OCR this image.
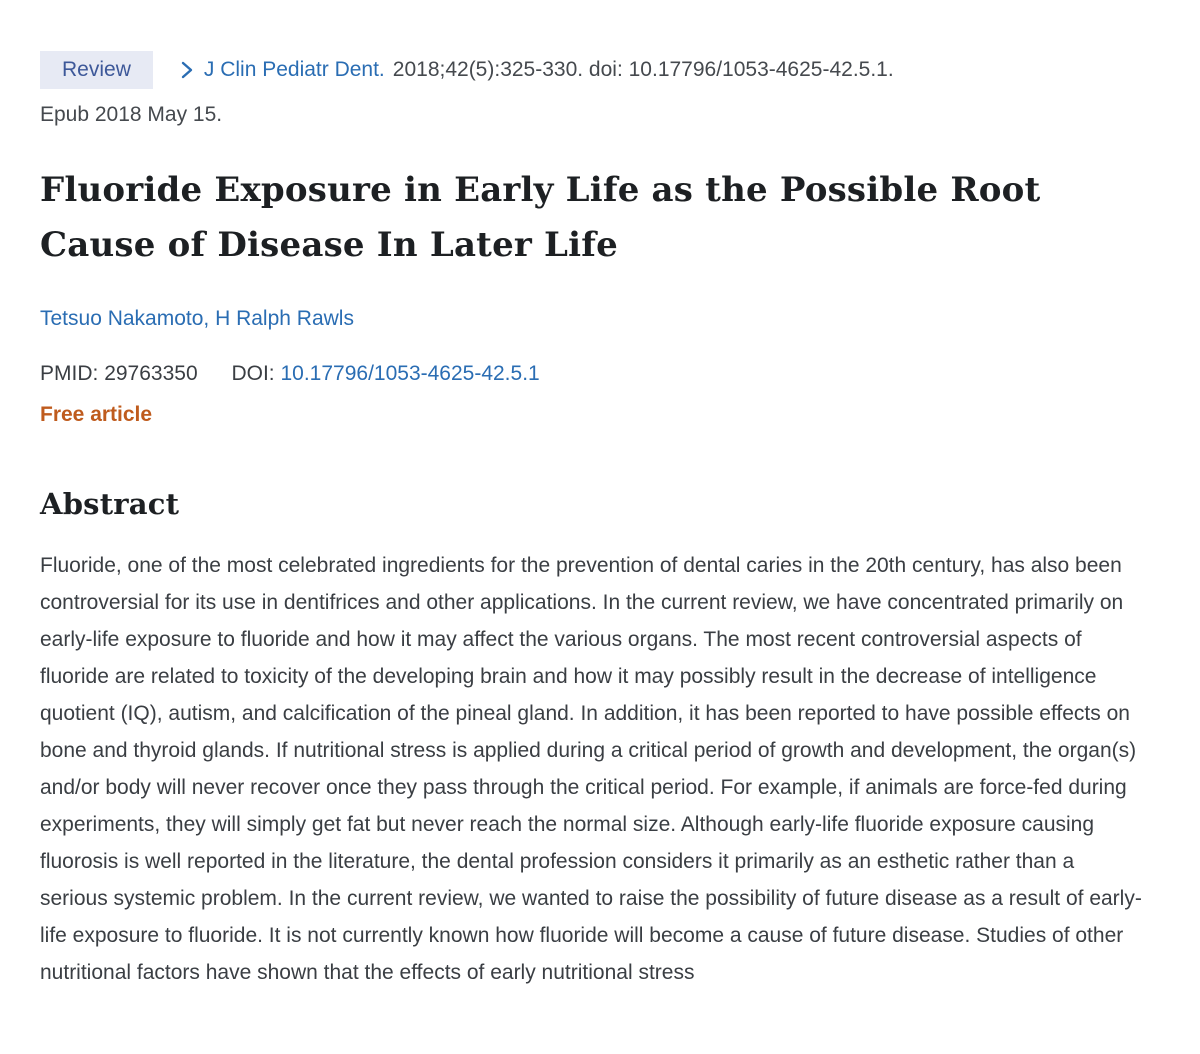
Review	J Clin Pediatr Dent. 2018;42(5):325-330. doi: 10.17796/1053-4625-42.5.1.
Epub 2018 May 15.
Fluoride Exposure in Early Life as the Possible Root Cause of Disease In Later Life
Tetsuo Nakamoto, H Ralph Rawls
PMID: 29763350 DOI: 10.17796/1053-4625-42.5.1
Free article
Abstract

Fluoride, one of the most celebrated ingredients for the prevention of dental caries in the 20th century, has also been controversial for its use in dentifrices and other applications. In the current review, we have concentrated primarily on early-life exposure to fluoride and how it may affect the various organs. The most recent controversial aspects of fluoride are related to toxicity of the developing brain and how it may possibly result in the decrease of intelligence quotient (IQ), autism, and calcification of the pineal gland. In addition, it has been reported to have possible effects on bone and thyroid glands. If nutritional stress is applied during a critical period of growth and development, the organ(s) and/or body will never recover once they pass through the critical period. For example, if animals are force-fed during experiments, they will simply get fat but never reach the normal size. Although early-life fluoride exposure causing fluorosis is well reported in the literature, the dental profession considers it primarily as an esthetic rather than a serious systemic problem. In the current review, we wanted to raise the possibility of future disease as a result of early-life exposure to fluoride. It is not currently known how fluoride will become a cause of future disease. Studies of other nutritional factors have shown that the effects of early nutritional stress
